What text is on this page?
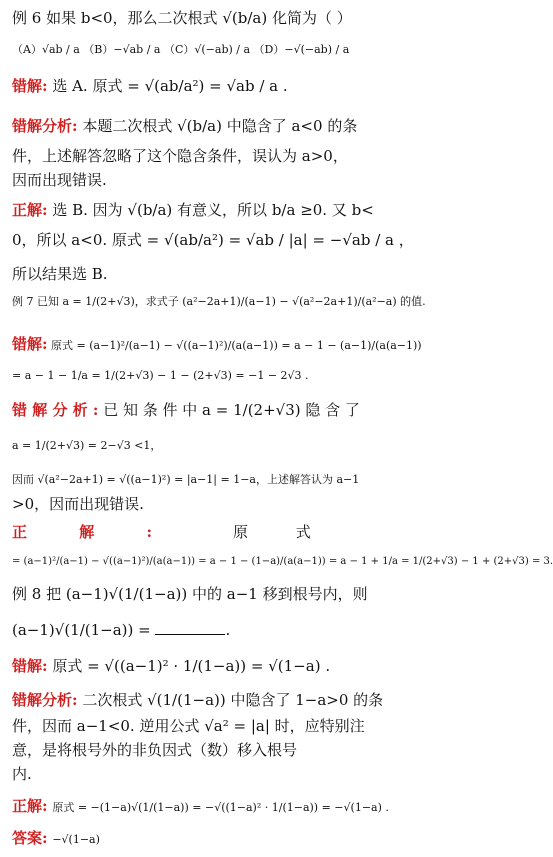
例 6 如果 b<0，那么二次根式 √(b/a) 化简为（ ）

（A）√ab / a （B）−√ab / a （C）√(−ab) / a （D）−√(−ab) / a

错解: 选 A. 原式 = √(ab/a²) = √ab / a .

错解分析: 本题二次根式 √(b/a) 中隐含了 a<0 的条

件，上述解答忽略了这个隐含条件，误认为 a>0，

因而出现错误.

正解: 选 B. 因为 √(b/a) 有意义，所以 b/a ≥0. 又 b<

0，所以 a<0. 原式 = √(ab/a²) = √ab / |a| = −√ab / a ，

所以结果选 B.

例 7 已知 a = 1/(2+√3)，求式子 (a²−2a+1)/(a−1) − √(a²−2a+1)/(a²−a) 的值.

错解: 原式 = (a−1)²/(a−1) − √((a−1)²)/(a(a−1)) = a − 1 − (a−1)/(a(a−1))

= a − 1 − 1/a = 1/(2+√3) − 1 − (2+√3) = −1 − 2√3 .

错 解 分 析 : 已 知 条 件 中 a = 1/(2+√3) 隐 含 了

a = 1/(2+√3) = 2−√3 <1，

因而 √(a²−2a+1) = √((a−1)²) = |a−1| = 1−a，上述解答认为 a−1

>0，因而出现错误.

正          解          :                 原          式

= (a−1)²/(a−1) − √((a−1)²)/(a(a−1)) = a − 1 − (1−a)/(a(a−1)) = a − 1 + 1/a = 1/(2+√3) − 1 + (2+√3) = 3.

例 8 把 (a−1)√(1/(1−a)) 中的 a−1 移到根号内，则

(a−1)√(1/(1−a)) =	.

错解: 原式 = √((a−1)² · 1/(1−a)) = √(1−a) .

错解分析: 二次根式 √(1/(1−a)) 中隐含了 1−a>0 的条

件，因而 a−1<0. 逆用公式 √a² = |a| 时，应特别注

意，是将根号外的非负因式（数）移入根号

内.

正解: 原式 = −(1−a)√(1/(1−a)) = −√((1−a)² · 1/(1−a)) = −√(1−a) .

答案: −√(1−a)
